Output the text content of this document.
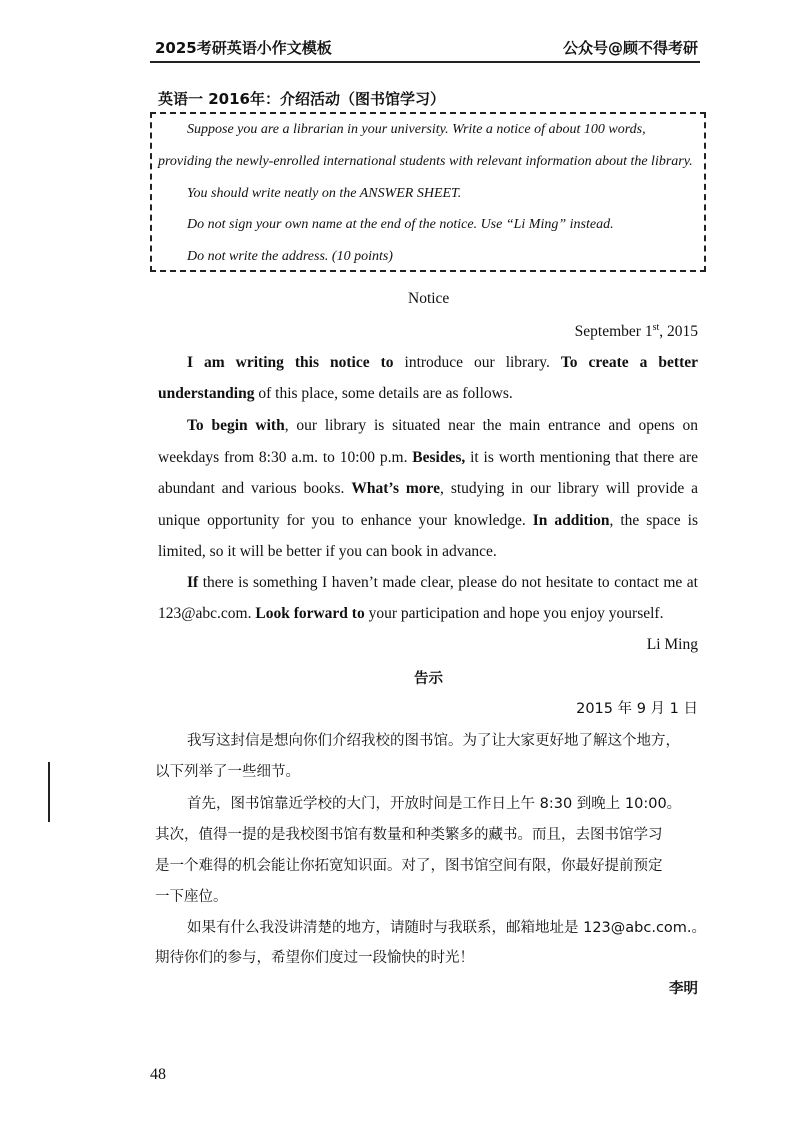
2025考研英语小作文模板	公众号@顾不得考研
英语一 2016年：介绍活动（图书馆学习）
Suppose you are a librarian in your university. Write a notice of about 100 words,
providing the newly-enrolled international students with relevant information about the library.
You should write neatly on the ANSWER SHEET.
Do not sign your own name at the end of the notice. Use “Li Ming” instead.
Do not write the address. (10 points)
Notice
September 1st, 2015
I am writing this notice to introduce our library. To create a better
understanding of this place, some details are as follows.
To begin with, our library is situated near the main entrance and opens on
weekdays from 8:30 a.m. to 10:00 p.m. Besides, it is worth mentioning that there are
abundant and various books. What’s more, studying in our library will provide a
unique opportunity for you to enhance your knowledge. In addition, the space is
limited, so it will be better if you can book in advance.
If there is something I haven’t made clear, please do not hesitate to contact me at
123@abc.com. Look forward to your participation and hope you enjoy yourself.
Li Ming
告示
2015 年 9 月 1 日
我写这封信是想向你们介绍我校的图书馆。为了让大家更好地了解这个地方，
以下列举了一些细节。
首先，图书馆靠近学校的大门，开放时间是工作日上午 8:30 到晚上 10:00。
其次，值得一提的是我校图书馆有数量和种类繁多的藏书。而且，去图书馆学习
是一个难得的机会能让你拓宽知识面。对了，图书馆空间有限，你最好提前预定
一下座位。
如果有什么我没讲清楚的地方，请随时与我联系，邮箱地址是 123@abc.com.。
期待你们的参与，希望你们度过一段愉快的时光！
李明
48
